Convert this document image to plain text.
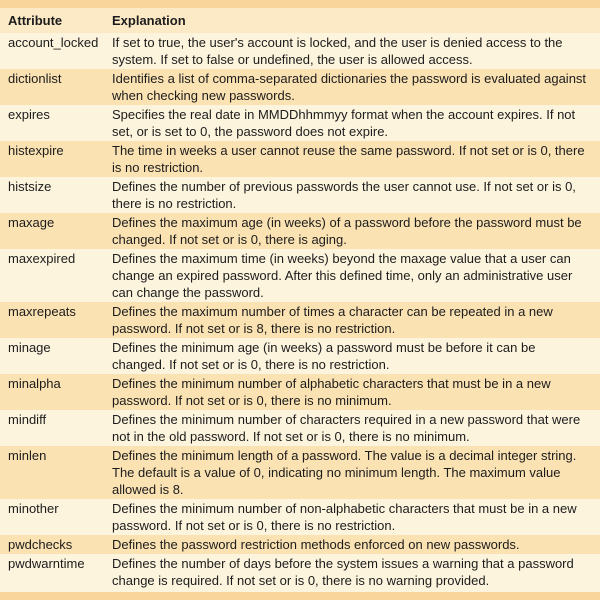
Attribute	Explanation
account_locked	If set to true, the user's account is locked, and the user is denied access to the system. If set to false or undefined, the user is allowed access.
dictionlist	Identifies a list of comma-separated dictionaries the password is evaluated against when checking new passwords.
expires	Specifies the real date in MMDDhhmmyy format when the account expires. If not set, or is set to 0, the password does not expire.
histexpire	The time in weeks a user cannot reuse the same password. If not set or is 0, there is no restriction.
histsize	Defines the number of previous passwords the user cannot use. If not set or is 0, there is no restriction.
maxage	Defines the maximum age (in weeks) of a password before the password must be changed. If not set or is 0, there is aging.
maxexpired	Defines the maximum time (in weeks) beyond the maxage value that a user can change an expired password. After this defined time, only an administrative user can change the password.
maxrepeats	Defines the maximum number of times a character can be repeated in a new password. If not set or is 8, there is no restriction.
minage	Defines the minimum age (in weeks) a password must be before it can be changed. If not set or is 0, there is no restriction.
minalpha	Defines the minimum number of alphabetic characters that must be in a new password. If not set or is 0, there is no minimum.
mindiff	Defines the minimum number of characters required in a new password that were not in the old password. If not set or is 0, there is no minimum.
minlen	Defines the minimum length of a password. The value is a decimal integer string. The default is a value of 0, indicating no minimum length. The maximum value allowed is 8.
minother	Defines the minimum number of non-alphabetic characters that must be in a new password. If not set or is 0, there is no restriction.
pwdchecks	Defines the password restriction methods enforced on new passwords.
pwdwarntime	Defines the number of days before the system issues a warning that a password change is required. If not set or is 0, there is no warning provided.
